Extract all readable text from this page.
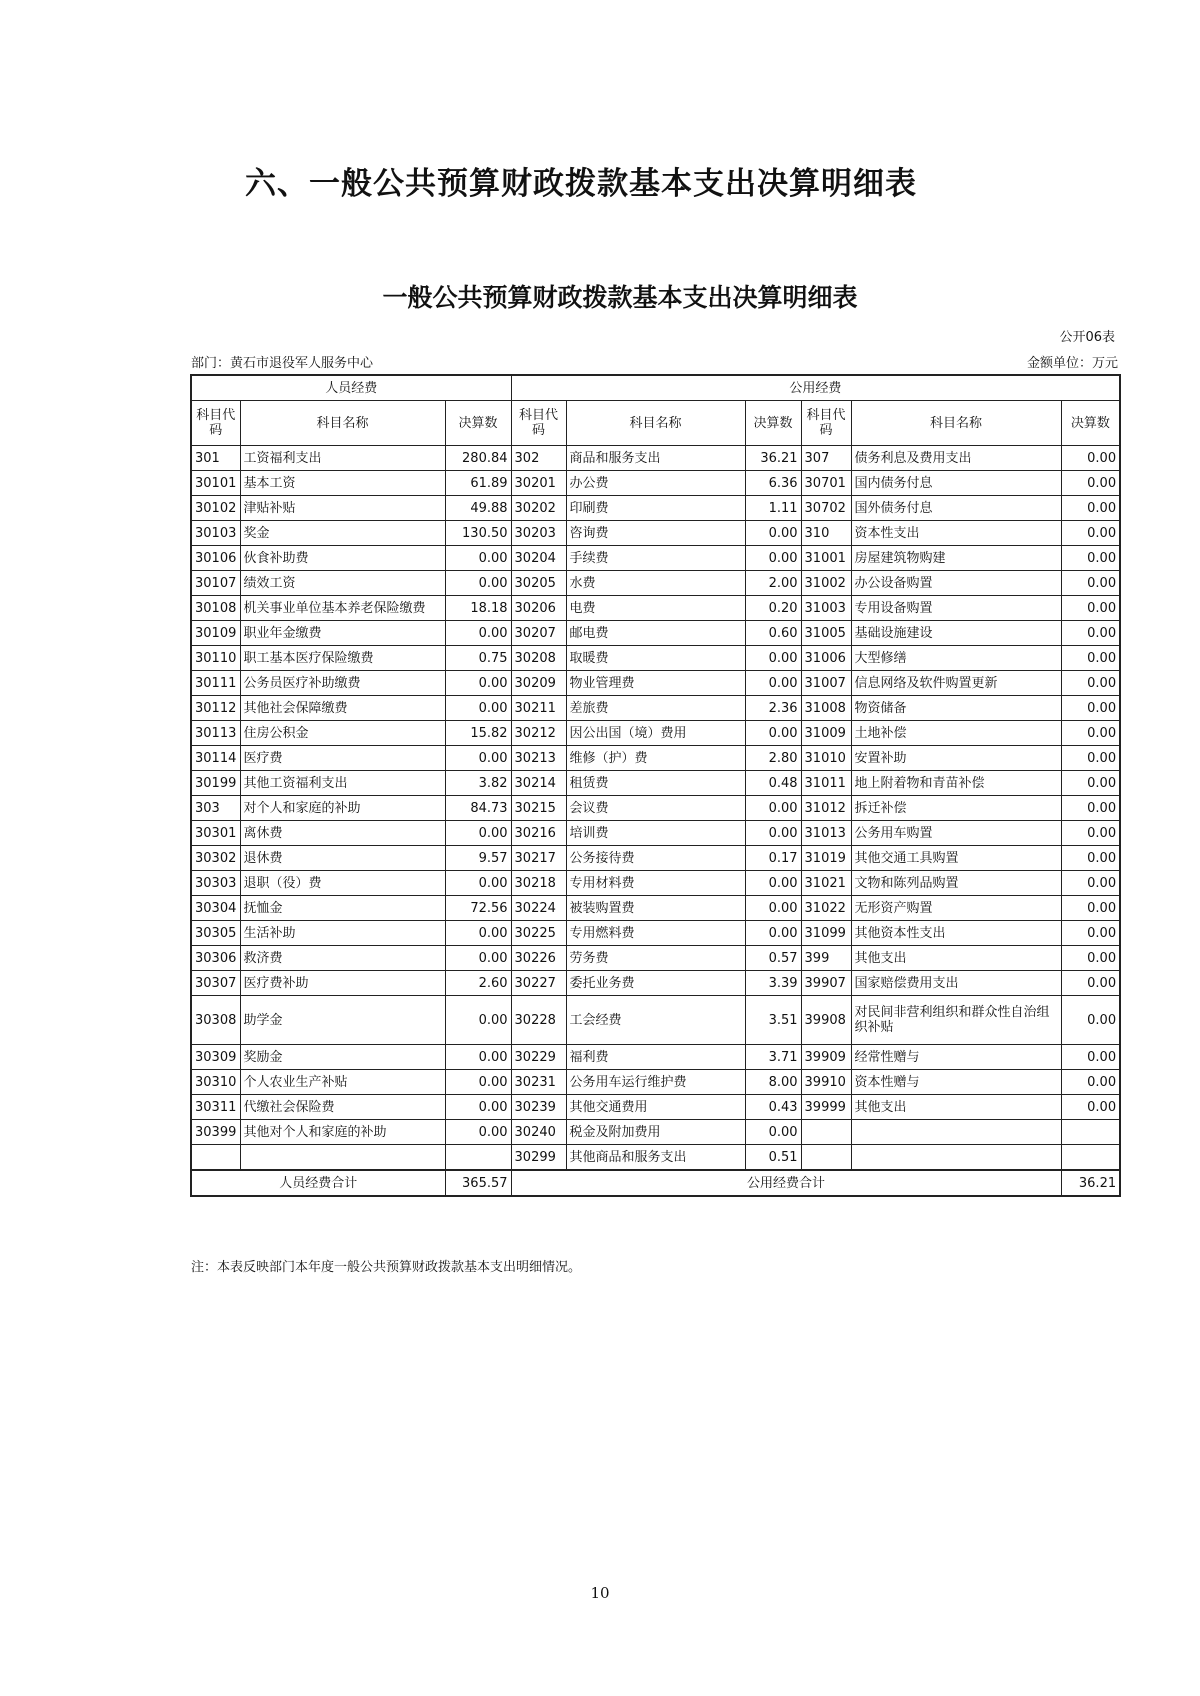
六、一般公共预算财政拨款基本支出决算明细表
一般公共预算财政拨款基本支出决算明细表
公开06表
部门：黄石市退役军人服务中心	金额单位：万元
人员经费			公用经费					
科目代码	科目名称	决算数	科目代码	科目名称	决算数	科目代码	科目名称	决算数
301	工资福利支出	280.84	302	商品和服务支出	36.21	307	债务利息及费用支出	0.00
30101	基本工资	61.89	30201	办公费	6.36	30701	国内债务付息	0.00
30102	津贴补贴	49.88	30202	印刷费	1.11	30702	国外债务付息	0.00
30103	奖金	130.50	30203	咨询费	0.00	310	资本性支出	0.00
30106	伙食补助费	0.00	30204	手续费	0.00	31001	房屋建筑物购建	0.00
30107	绩效工资	0.00	30205	水费	2.00	31002	办公设备购置	0.00
30108	机关事业单位基本养老保险缴费	18.18	30206	电费	0.20	31003	专用设备购置	0.00
30109	职业年金缴费	0.00	30207	邮电费	0.60	31005	基础设施建设	0.00
30110	职工基本医疗保险缴费	0.75	30208	取暖费	0.00	31006	大型修缮	0.00
30111	公务员医疗补助缴费	0.00	30209	物业管理费	0.00	31007	信息网络及软件购置更新	0.00
30112	其他社会保障缴费	0.00	30211	差旅费	2.36	31008	物资储备	0.00
30113	住房公积金	15.82	30212	因公出国（境）费用	0.00	31009	土地补偿	0.00
30114	医疗费	0.00	30213	维修（护）费	2.80	31010	安置补助	0.00
30199	其他工资福利支出	3.82	30214	租赁费	0.48	31011	地上附着物和青苗补偿	0.00
303	对个人和家庭的补助	84.73	30215	会议费	0.00	31012	拆迁补偿	0.00
30301	离休费	0.00	30216	培训费	0.00	31013	公务用车购置	0.00
30302	退休费	9.57	30217	公务接待费	0.17	31019	其他交通工具购置	0.00
30303	退职（役）费	0.00	30218	专用材料费	0.00	31021	文物和陈列品购置	0.00
30304	抚恤金	72.56	30224	被装购置费	0.00	31022	无形资产购置	0.00
30305	生活补助	0.00	30225	专用燃料费	0.00	31099	其他资本性支出	0.00
30306	救济费	0.00	30226	劳务费	0.57	399	其他支出	0.00
30307	医疗费补助	2.60	30227	委托业务费	3.39	39907	国家赔偿费用支出	0.00
30308	助学金	0.00	30228	工会经费	3.51	39908	对民间非营利组织和群众性自治组织补贴	0.00
30309	奖励金	0.00	30229	福利费	3.71	39909	经常性赠与	0.00
30310	个人农业生产补贴	0.00	30231	公务用车运行维护费	8.00	39910	资本性赠与	0.00
30311	代缴社会保险费	0.00	30239	其他交通费用	0.43	39999	其他支出	0.00
30399	其他对个人和家庭的补助	0.00	30240	税金及附加费用	0.00			
			30299	其他商品和服务支出	0.51			
人员经费合计		365.57	公用经费合计					36.21
注：本表反映部门本年度一般公共预算财政拨款基本支出明细情况。
10
